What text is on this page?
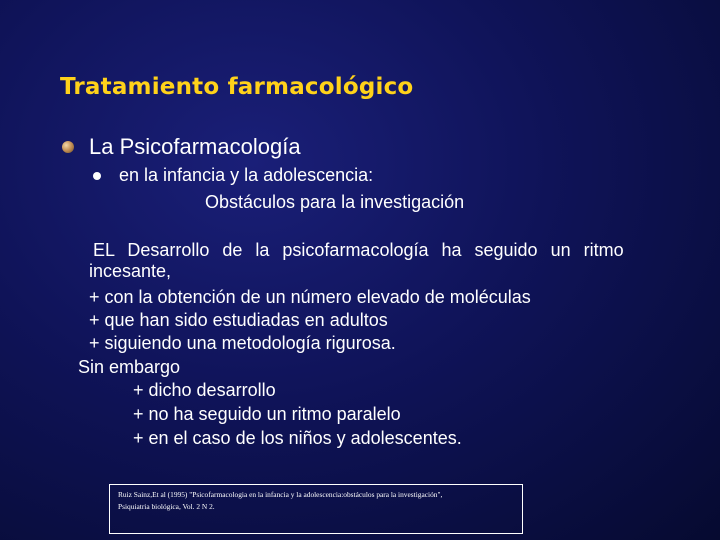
Tratamiento farmacológico
La Psicofarmacología
en la infancia y la adolescencia:
Obstáculos para la investigación
EL Desarrollo de la psicofarmacología ha seguido un ritmo
incesante,
+ con la obtención de un número elevado de moléculas
+ que han sido estudiadas en adultos
+ siguiendo una metodología rigurosa.
Sin embargo
+ dicho desarrollo
+ no ha seguido un ritmo paralelo
+ en el caso de los niños y adolescentes.
Ruiz Sainz,Et al (1995) "Psicofarmacologia en la infancia y la adolescencia:obstáculos para la investigación",
Psiquiatria biológica, Vol. 2 N 2.
